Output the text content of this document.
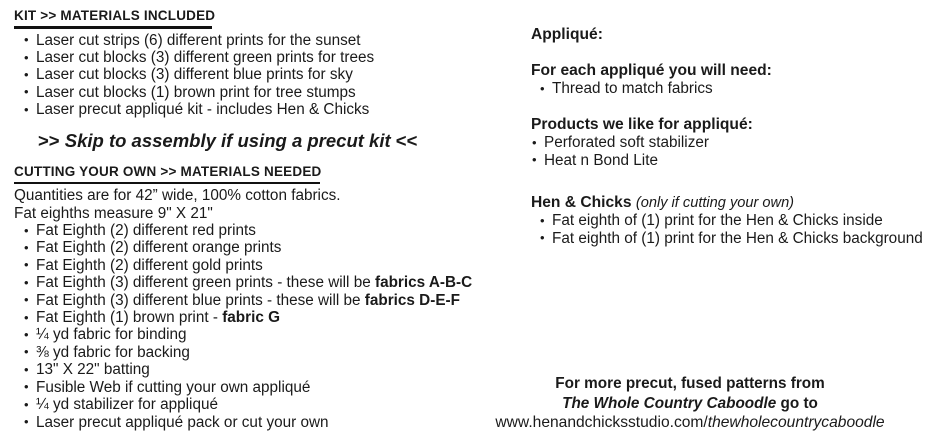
KIT >> MATERIALS INCLUDED
• Laser cut strips (6) different prints for the sunset
• Laser cut blocks (3) different green prints for trees
• Laser cut blocks (3) different blue prints for sky
• Laser cut blocks (1) brown print for tree stumps
• Laser precut appliqué kit - includes Hen & Chicks
>> Skip to assembly if using a precut kit <<
CUTTING YOUR OWN >> MATERIALS NEEDED
Quantities are for 42” wide, 100% cotton fabrics.
Fat eighths measure 9" X 21"
• Fat Eighth (2) different red prints
• Fat Eighth (2) different orange prints
• Fat Eighth (2) different gold prints
• Fat Eighth (3) different green prints - these will be fabrics A-B-C
• Fat Eighth (3) different blue prints - these will be fabrics D-E-F
• Fat Eighth (1) brown print - fabric G
• ¼ yd fabric for binding
• ⅜ yd fabric for backing
• 13" X 22" batting
• Fusible Web if cutting your own appliqué
• ¼ yd stabilizer for appliqué
• Laser precut appliqué pack or cut your own
Appliqué:
For each appliqué you will need:
• Thread to match fabrics
Products we like for appliqué:
• Perforated soft stabilizer
• Heat n Bond Lite
Hen & Chicks (only if cutting your own)
• Fat eighth of (1) print for the Hen & Chicks inside
• Fat eighth of (1) print for the Hen & Chicks background
For more precut, fused patterns from
The Whole Country Caboodle go to
www.henandchicksstudio.com/thewholecountrycaboodle
